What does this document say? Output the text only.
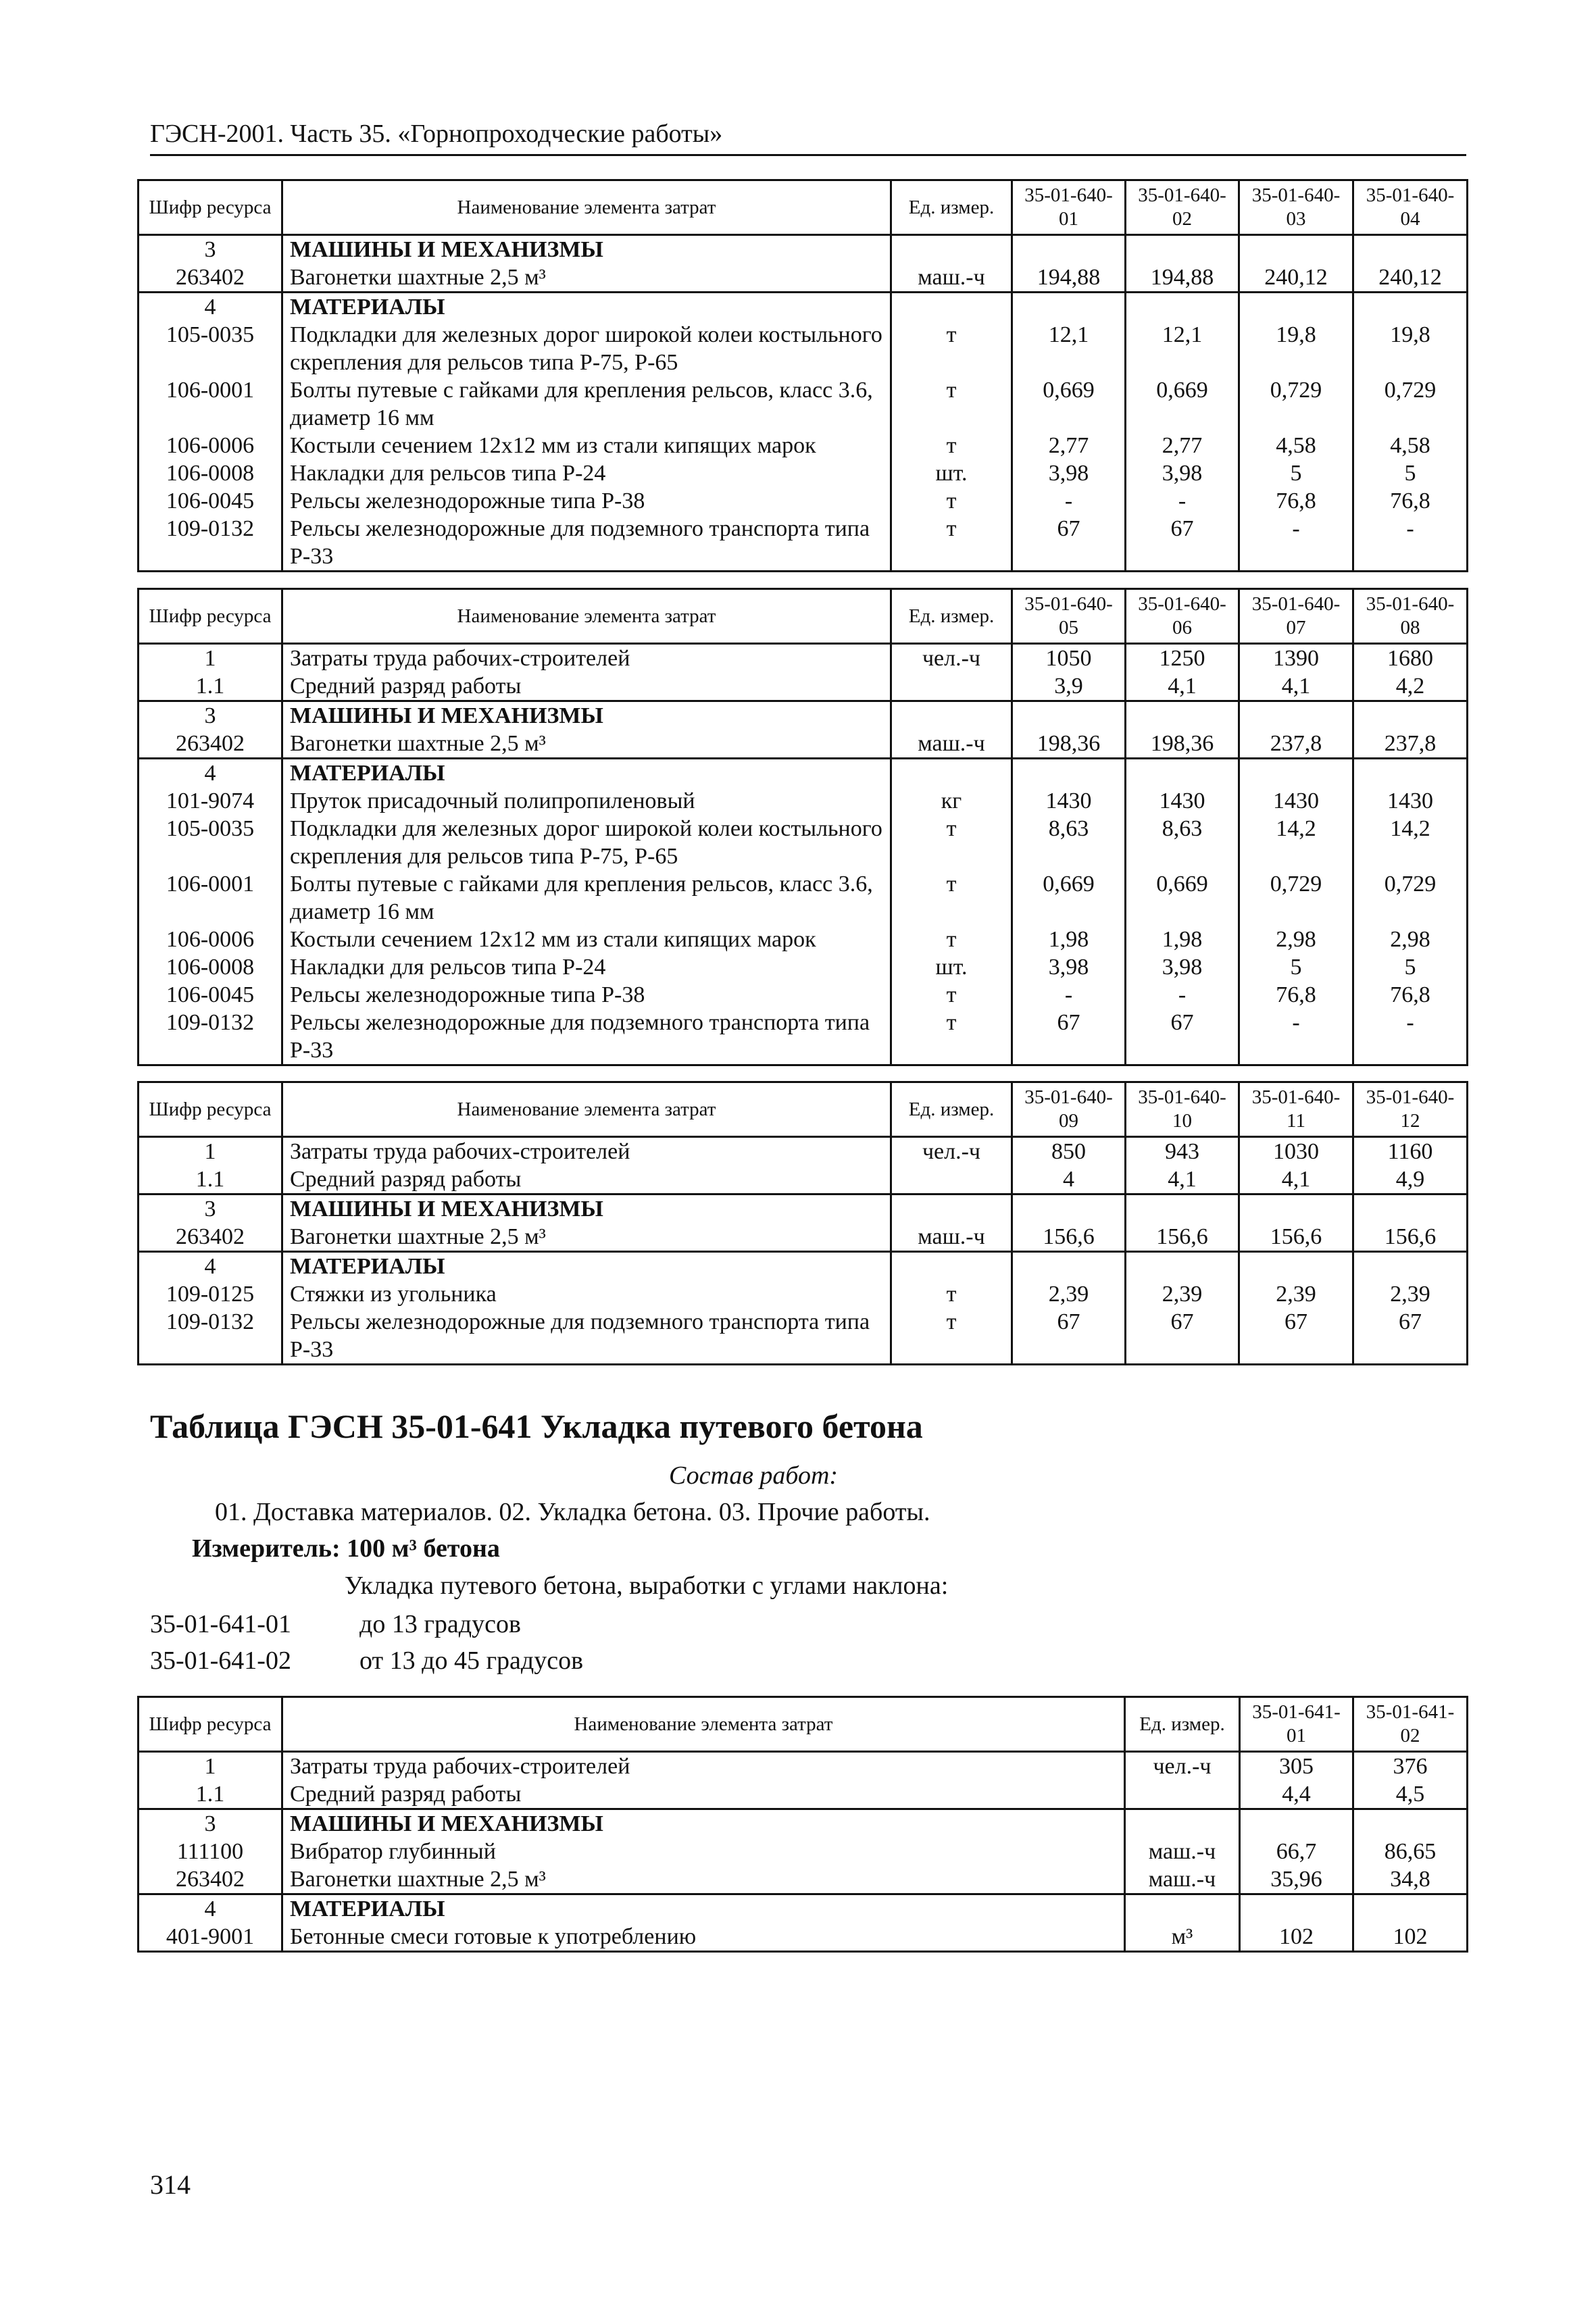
ГЭСН-2001. Часть 35. «Горнопроходческие работы»
Шифр ресурса	Наименование элемента затрат	Ед. измер.	35-01-640-01	35-01-640-02	35-01-640-03	35-01-640-04
3	МАШИНЫ И МЕХАНИЗМЫ					
263402	Вагонетки шахтные 2,5 м³	маш.-ч	194,88	194,88	240,12	240,12
4	МАТЕРИАЛЫ					
105-0035	Подкладки для железных дорог широкой колеи костыльного скрепления для рельсов типа Р-75, Р-65	т	12,1	12,1	19,8	19,8
106-0001	Болты путевые с гайками для крепления рельсов, класс 3.6, диаметр 16 мм	т	0,669	0,669	0,729	0,729
106-0006	Костыли сечением 12x12 мм из стали кипящих марок	т	2,77	2,77	4,58	4,58
106-0008	Накладки для рельсов типа Р-24	шт.	3,98	3,98	5	5
106-0045	Рельсы железнодорожные типа Р-38	т	-	-	76,8	76,8
109-0132	Рельсы железнодорожные для подземного транспорта типа Р-33	т	67	67	-	-
Шифр ресурса	Наименование элемента затрат	Ед. измер.	35-01-640-05	35-01-640-06	35-01-640-07	35-01-640-08
1	Затраты труда рабочих-строителей	чел.-ч	1050	1250	1390	1680
1.1	Средний разряд работы		3,9	4,1	4,1	4,2
3	МАШИНЫ И МЕХАНИЗМЫ					
263402	Вагонетки шахтные 2,5 м³	маш.-ч	198,36	198,36	237,8	237,8
4	МАТЕРИАЛЫ					
101-9074	Пруток присадочный полипропиленовый	кг	1430	1430	1430	1430
105-0035	Подкладки для железных дорог широкой колеи костыльного скрепления для рельсов типа Р-75, Р-65	т	8,63	8,63	14,2	14,2
106-0001	Болты путевые с гайками для крепления рельсов, класс 3.6, диаметр 16 мм	т	0,669	0,669	0,729	0,729
106-0006	Костыли сечением 12x12 мм из стали кипящих марок	т	1,98	1,98	2,98	2,98
106-0008	Накладки для рельсов типа Р-24	шт.	3,98	3,98	5	5
106-0045	Рельсы железнодорожные типа Р-38	т	-	-	76,8	76,8
109-0132	Рельсы железнодорожные для подземного транспорта типа Р-33	т	67	67	-	-
Шифр ресурса	Наименование элемента затрат	Ед. измер.	35-01-640-09	35-01-640-10	35-01-640-11	35-01-640-12
1	Затраты труда рабочих-строителей	чел.-ч	850	943	1030	1160
1.1	Средний разряд работы		4	4,1	4,1	4,9
3	МАШИНЫ И МЕХАНИЗМЫ					
263402	Вагонетки шахтные 2,5 м³	маш.-ч	156,6	156,6	156,6	156,6
4	МАТЕРИАЛЫ					
109-0125	Стяжки из угольника	т	2,39	2,39	2,39	2,39
109-0132	Рельсы железнодорожные для подземного транспорта типа Р-33	т	67	67	67	67
Таблица ГЭСН 35-01-641 Укладка путевого бетона
Состав работ:
01. Доставка материалов. 02. Укладка бетона. 03. Прочие работы.
Измеритель: 100 м³ бетона
Укладка путевого бетона, выработки с углами наклона:
35-01-641-01	до 13 градусов
35-01-641-02	от 13 до 45 градусов
Шифр ресурса	Наименование элемента затрат	Ед. измер.	35-01-641-01	35-01-641-02
1	Затраты труда рабочих-строителей	чел.-ч	305	376
1.1	Средний разряд работы		4,4	4,5
3	МАШИНЫ И МЕХАНИЗМЫ			
111100	Вибратор глубинный	маш.-ч	66,7	86,65
263402	Вагонетки шахтные 2,5 м³	маш.-ч	35,96	34,8
4	МАТЕРИАЛЫ			
401-9001	Бетонные смеси готовые к употреблению	м³	102	102
314
